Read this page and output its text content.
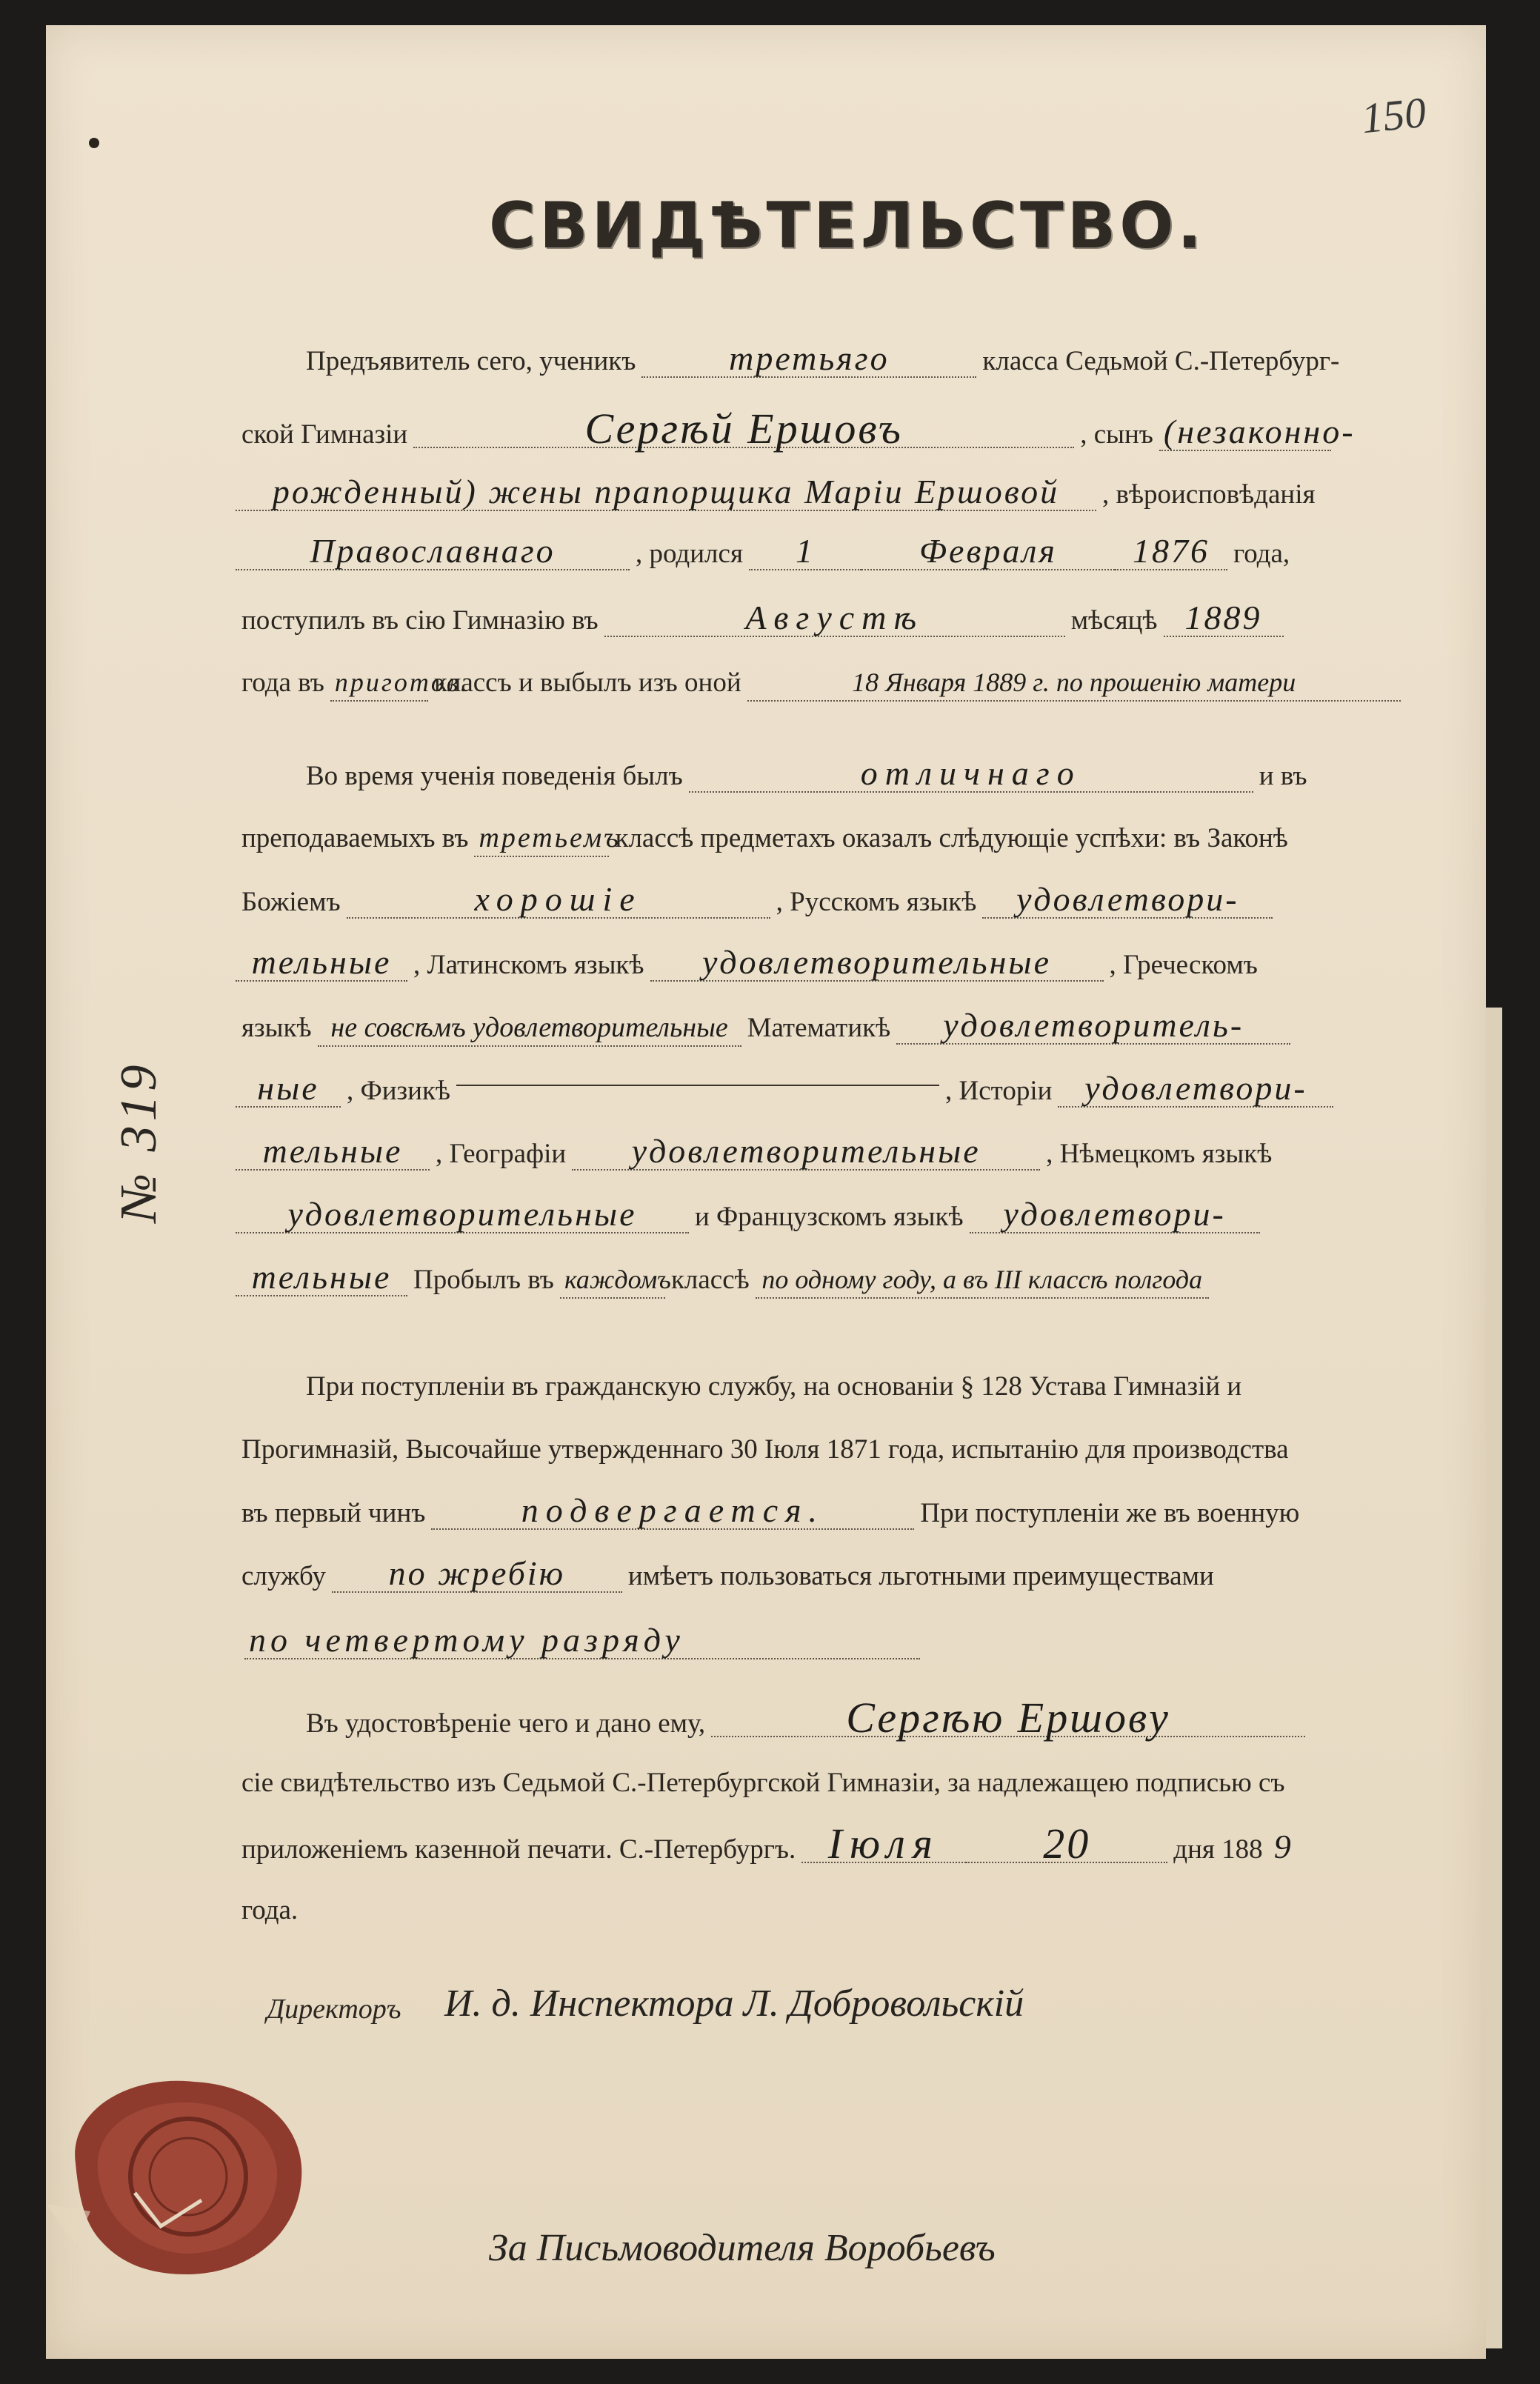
150
СВИДѢТЕЛЬСТВО.
№ 319
Предъявитель сего, ученикъ	третьяго	класса Седьмой С.-Петербург-
ской Гимназіи	Сергѣй Ершовъ	, сынъ (незаконно-
рожденный) жены прапорщика Маріи Ершовой , вѣроисповѣданія
Православнаго	, родился 1	Февраля 1876 года,
поступилъ въ сію Гимназію въ	Августѣ	мѣсяцѣ 1889
года въ приготов.классъ и выбылъ изъ оной	18 Января 1889 г. по прошенію матери
Во время ученія поведенія былъ	отличнаго	и въ
преподаваемыхъ въ третьемъклассѣ предметахъ оказалъ слѣдующіе успѣхи: въ Законѣ
Божіемъ	хорошіе	, Русскомъ языкѣ удовлетвори-
тельные , Латинскомъ языкѣ удовлетворительные , Греческомъ
языкѣ не совсѣмъ удовлетворительные Математикѣ удовлетворитель-
ные , Физикѣ	, Исторіи удовлетвори-
тельные , Географіи удовлетворительные , Нѣмецкомъ языкѣ
удовлетворительные и Французскомъ языкѣ удовлетвори-
тельные Пробылъ въ каждомъклассѣ по одному году, а въ III классѣ полгода
При поступленіи въ гражданскую службу, на основаніи § 128 Устава Гимназій и
Прогимназій, Высочайше утвержденнаго 30 Іюля 1871 года, испытанію для производства
въ первый чинъ	подвергается.	При поступленіи же въ военную
службу по жребію имѣетъ пользоваться льготными преимуществами
по четвертому разряду
Въ удостовѣреніе чего и дано ему,	Сергѣю Ершову
сіе свидѣтельство изъ Седьмой С.-Петербургской Гимназіи, за надлежащею подписью съ
приложеніемъ казенной печати. С.-Петербургъ. Іюля 20	дня 188 9
года.
Директоръ И. д. Инспектора Л. Добровольскій
За Письмоводителя Воробьевъ
